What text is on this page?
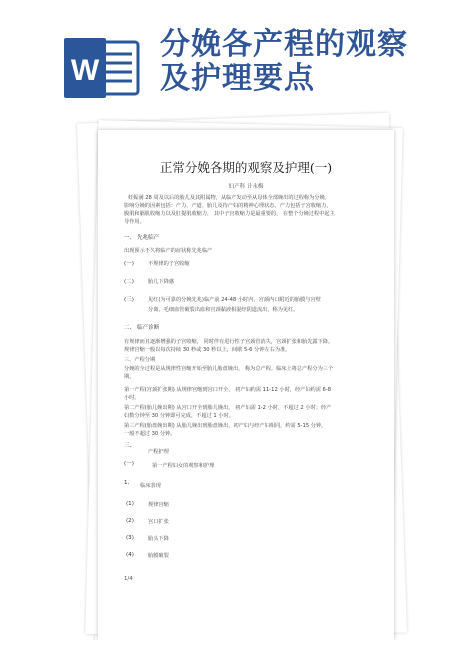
W
分娩各产程的观察
及护理要点
正常分娩各期的观察及护理(一)
妇产科 计永梅
妊娠满 28 周及以后的胎儿及其附属物，从临产发动至从母体全部娩出的过程称为分娩。
影响分娩的因素包括：产力、产道、胎儿及待产妇的精神心理状态。产力包括子宫收缩力，
腹肌和膈肌收缩力以及肛提肌收缩力， 其中子宫收缩力是最重要的， 在整个分娩过程中起主
导作用。
一、 先兆临产
出现预示不久将临产的症状称先兆临产
(一)	不规律的子宫收缩
(二)	胎儿下降感
(三)	见红(为可靠的分娩先兆)临产前 24-48 小时内，宫颈内口附近的胎膜与宫壁
分离，毛细血管破裂出血和宫颈黏液相混经阴道流出，称为见红。
二、 临产诊断
有规律而且逐渐增强的子宫收缩， 同时伴有进行性子宫颈管消失，宫颈扩张和胎先露下降。
规律宫缩一般以每次持续 30 秒或 30 秒以上，间歇 5-6 分钟左右为准。
三、产程分期
分娩的全过程是从规律性宫缩开始至胎儿胎盘娩出， 称为总产程。临床上将总产程分为三个
期。
第一产程(宫颈扩张期) 从规律宫缩到宫口开全， 初产妇约需 11-12 小时，经产妇约需 6-8
小时。
第二产程(胎儿娩出期) 从宫口开全到胎儿娩出， 初产妇需 1-2 小时，不超过 2 小时；经产
妇数分钟至 30 分钟即可完成，不超过 1 小时。
第三产程(胎盘娩出期) 从胎儿娩出到胎盘娩出，初产妇与经产妇相同，约需 5-15 分钟，
一般不超过 30 分钟。
三、
产程护理
(一)	第一产程妇女的观察和护理
1、 临床表现
(1)	规律宫缩
(2)	宫口扩张
(3)	胎头下降
(4)	胎膜破裂
1/4
